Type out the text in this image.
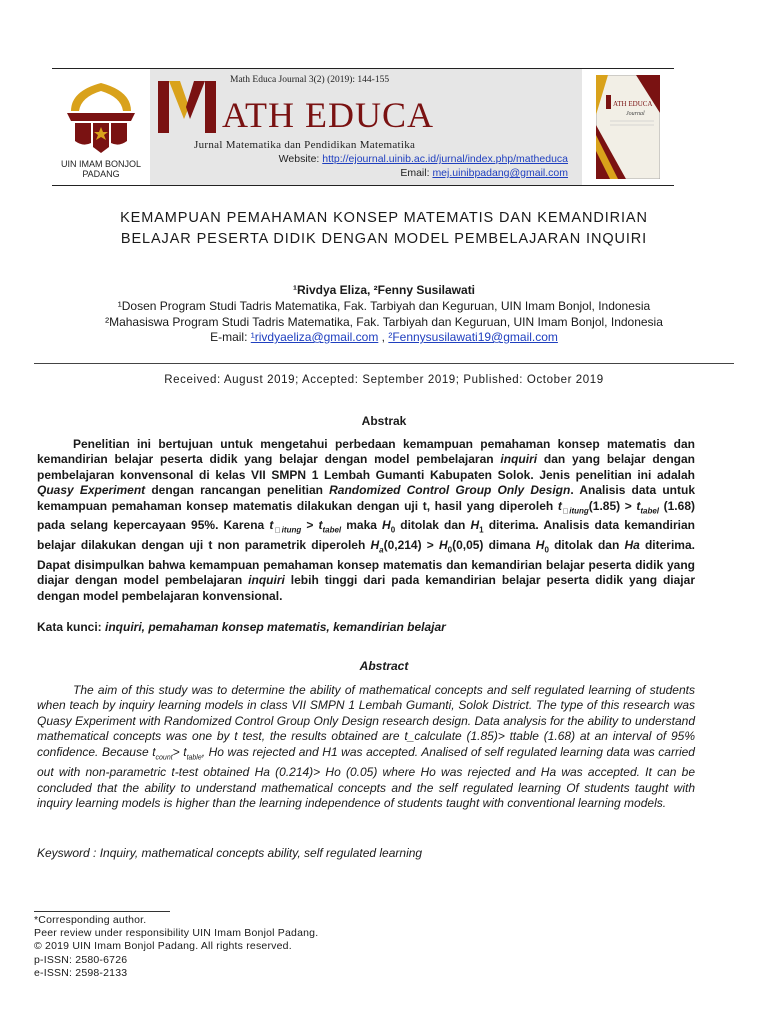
UIN IMAM BONJOL
PADANG
Math Educa Journal 3(2) (2019): 144-155
ATH EDUCA
Jurnal Matematika dan Pendidikan Matematika
Website: http://ejournal.uinib.ac.id/jurnal/index.php/matheduca
Email: mej.uinibpadang@gmail.com
ATH EDUCA
Journal
KEMAMPUAN PEMAHAMAN KONSEP MATEMATIS DAN KEMANDIRIAN
BELAJAR PESERTA DIDIK DENGAN MODEL PEMBELAJARAN INQUIRI
¹Rivdya Eliza, ²Fenny Susilawati
¹Dosen Program Studi Tadris Matematika, Fak. Tarbiyah dan Keguruan, UIN Imam Bonjol, Indonesia
²Mahasiswa Program Studi Tadris Matematika, Fak. Tarbiyah dan Keguruan, UIN Imam Bonjol, Indonesia
E-mail: ¹rivdyaeliza@gmail.com , ²Fennysusilawati19@gmail.com
Received: August 2019; Accepted: September 2019; Published: October 2019
Abstrak
Penelitian ini bertujuan untuk mengetahui perbedaan kemampuan pemahaman konsep matematis dan kemandirian belajar peserta didik yang belajar dengan model pembelajaran inquiri dan yang belajar dengan pembelajaran konvensonal di kelas VII SMPN 1 Lembah Gumanti Kabupaten Solok. Jenis penelitian ini adalah Quasy Experiment dengan rancangan penelitian Randomized Control Group Only Design. Analisis data untuk kemampuan pemahaman konsep matematis dilakukan dengan uji t, hasil yang diperoleh $t_{□itung}(1.85) > t_{tabel}$ (1.68) pada selang kepercayaan 95%. Karena $t_{□itung} > t_{tabel}$ maka $H_0$ ditolak dan $H_1$ diterima. Analisis data kemandirian belajar dilakukan dengan uji t non parametrik diperoleh $H_a(0,214) > H_0(0,05)$ dimana $H_0$ ditolak dan Ha diterima. Dapat disimpulkan bahwa kemampuan pemahaman konsep matematis dan kemandirian belajar peserta didik yang diajar dengan model pembelajaran inquiri lebih tinggi dari pada kemandirian belajar peserta didik yang diajar dengan model pembelajaran konvensional.
Kata kunci: inquiri, pemahaman konsep matematis, kemandirian belajar
Abstract
The aim of this study was to determine the ability of mathematical concepts and self regulated learning of students when teach by inquiry learning models in class VII SMPN 1 Lembah Gumanti, Solok District. The type of this research was Quasy Experiment with Randomized Control Group Only Design research design. Data analysis for the ability to understand mathematical concepts was one by t test, the results obtained are t_calculate (1.85)> ttable (1.68) at an interval of 95% confidence. Because $t_{count}> t_{table}$, Ho was rejected and H1 was accepted. Analised of self regulated learning data was carried out with non-parametric t-test obtained Ha (0.214)> Ho (0.05) where Ho was rejected and Ha was accepted. It can be concluded that the ability to understand mathematical concepts and the self regulated learning Of students taught with inquiry learning models is higher than the learning independence of students taught with conventional learning models.
Keysword : Inquiry, mathematical concepts ability, self regulated learning
*Corresponding author.
Peer review under responsibility UIN Imam Bonjol Padang.
© 2019 UIN Imam Bonjol Padang. All rights reserved.
p-ISSN: 2580-6726
e-ISSN: 2598-2133
